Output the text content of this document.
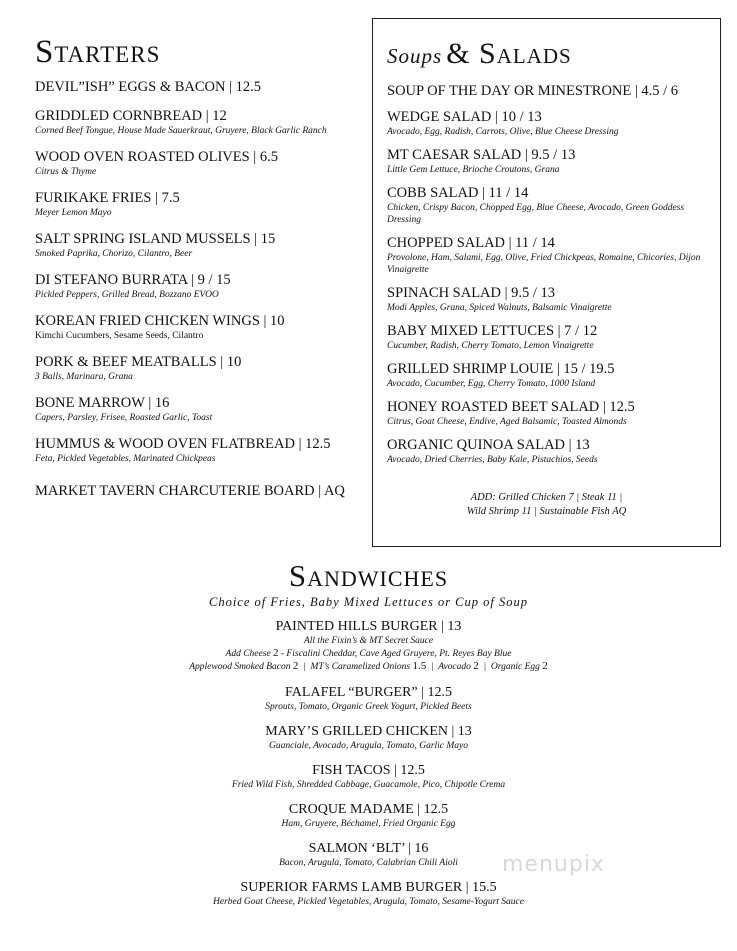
Starters
DEVIL”ISH” EGGS & BACON | 12.5
GRIDDLED CORNBREAD | 12
Corned Beef Tongue, House Made Sauerkraut, Gruyere, Black Garlic Ranch
WOOD OVEN ROASTED OLIVES | 6.5
Citrus & Thyme
FURIKAKE FRIES | 7.5
Meyer Lemon Mayo
SALT SPRING ISLAND MUSSELS | 15
Smoked Paprika, Chorizo, Cilantro, Beer
DI STEFANO BURRATA | 9 / 15
Pickled Peppers, Grilled Bread, Bozzano EVOO
KOREAN FRIED CHICKEN WINGS | 10
Kimchi Cucumbers, Sesame Seeds, Cilantro
PORK & BEEF MEATBALLS | 10
3 Balls, Marinara, Grana
BONE MARROW | 16
Capers, Parsley, Frisee, Roasted Garlic, Toast
HUMMUS & WOOD OVEN FLATBREAD | 12.5
Feta, Pickled Vegetables, Marinated Chickpeas
MARKET TAVERN CHARCUTERIE BOARD | AQ
Soups & Salads
SOUP OF THE DAY OR MINESTRONE | 4.5 / 6
WEDGE SALAD | 10 / 13
Avocado, Egg, Radish, Carrots, Olive, Blue Cheese Dressing
MT CAESAR SALAD | 9.5 / 13
Little Gem Lettuce, Brioche Croutons, Grana
COBB SALAD | 11 / 14
Chicken, Crispy Bacon, Chopped Egg, Blue Cheese, Avocado, Green Goddess Dressing
CHOPPED SALAD | 11 / 14
Provolone, Ham, Salami, Egg, Olive, Fried Chickpeas, Romaine, Chicories, Dijon Vinaigrette
SPINACH SALAD | 9.5 / 13
Modi Apples, Grana, Spiced Walnuts, Balsamic Vinaigrette
BABY MIXED LETTUCES | 7 / 12
Cucumber, Radish, Cherry Tomato, Lemon Vinaigrette
GRILLED SHRIMP LOUIE | 15 / 19.5
Avocado, Cucumber, Egg, Cherry Tomato, 1000 Island
HONEY ROASTED BEET SALAD | 12.5
Citrus, Goat Cheese, Endive, Aged Balsamic, Toasted Almonds
ORGANIC QUINOA SALAD | 13
Avocado, Dried Cherries, Baby Kale, Pistachios, Seeds
ADD: Grilled Chicken 7 | Steak 11 |
Wild Shrimp 11 | Sustainable Fish AQ
Sandwiches
Choice of Fries, Baby Mixed Lettuces or Cup of Soup
PAINTED HILLS BURGER | 13
All the Fixin’s & MT Secret Sauce
Add Cheese 2 - Fiscalini Cheddar, Cave Aged Gruyere, Pt. Reyes Bay Blue
Applewood Smoked Bacon 2  |  MT’s Caramelized Onions 1.5  |  Avocado 2  |  Organic Egg 2
FALAFEL “BURGER” | 12.5
Sprouts, Tomato, Organic Greek Yogurt, Pickled Beets
MARY’S GRILLED CHICKEN | 13
Guanciale, Avocado, Arugula, Tomato, Garlic Mayo
FISH TACOS | 12.5
Fried Wild Fish, Shredded Cabbage, Guacamole, Pico, Chipotle Crema
CROQUE MADAME | 12.5
Ham, Gruyere, Béchamel, Fried Organic Egg
SALMON ‘BLT’ | 16
Bacon, Arugula, Tomato, Calabrian Chili Aioli
SUPERIOR FARMS LAMB BURGER | 15.5
Herbed Goat Cheese, Pickled Vegetables, Arugula, Tomato, Sesame-Yogurt Sauce
menupix
